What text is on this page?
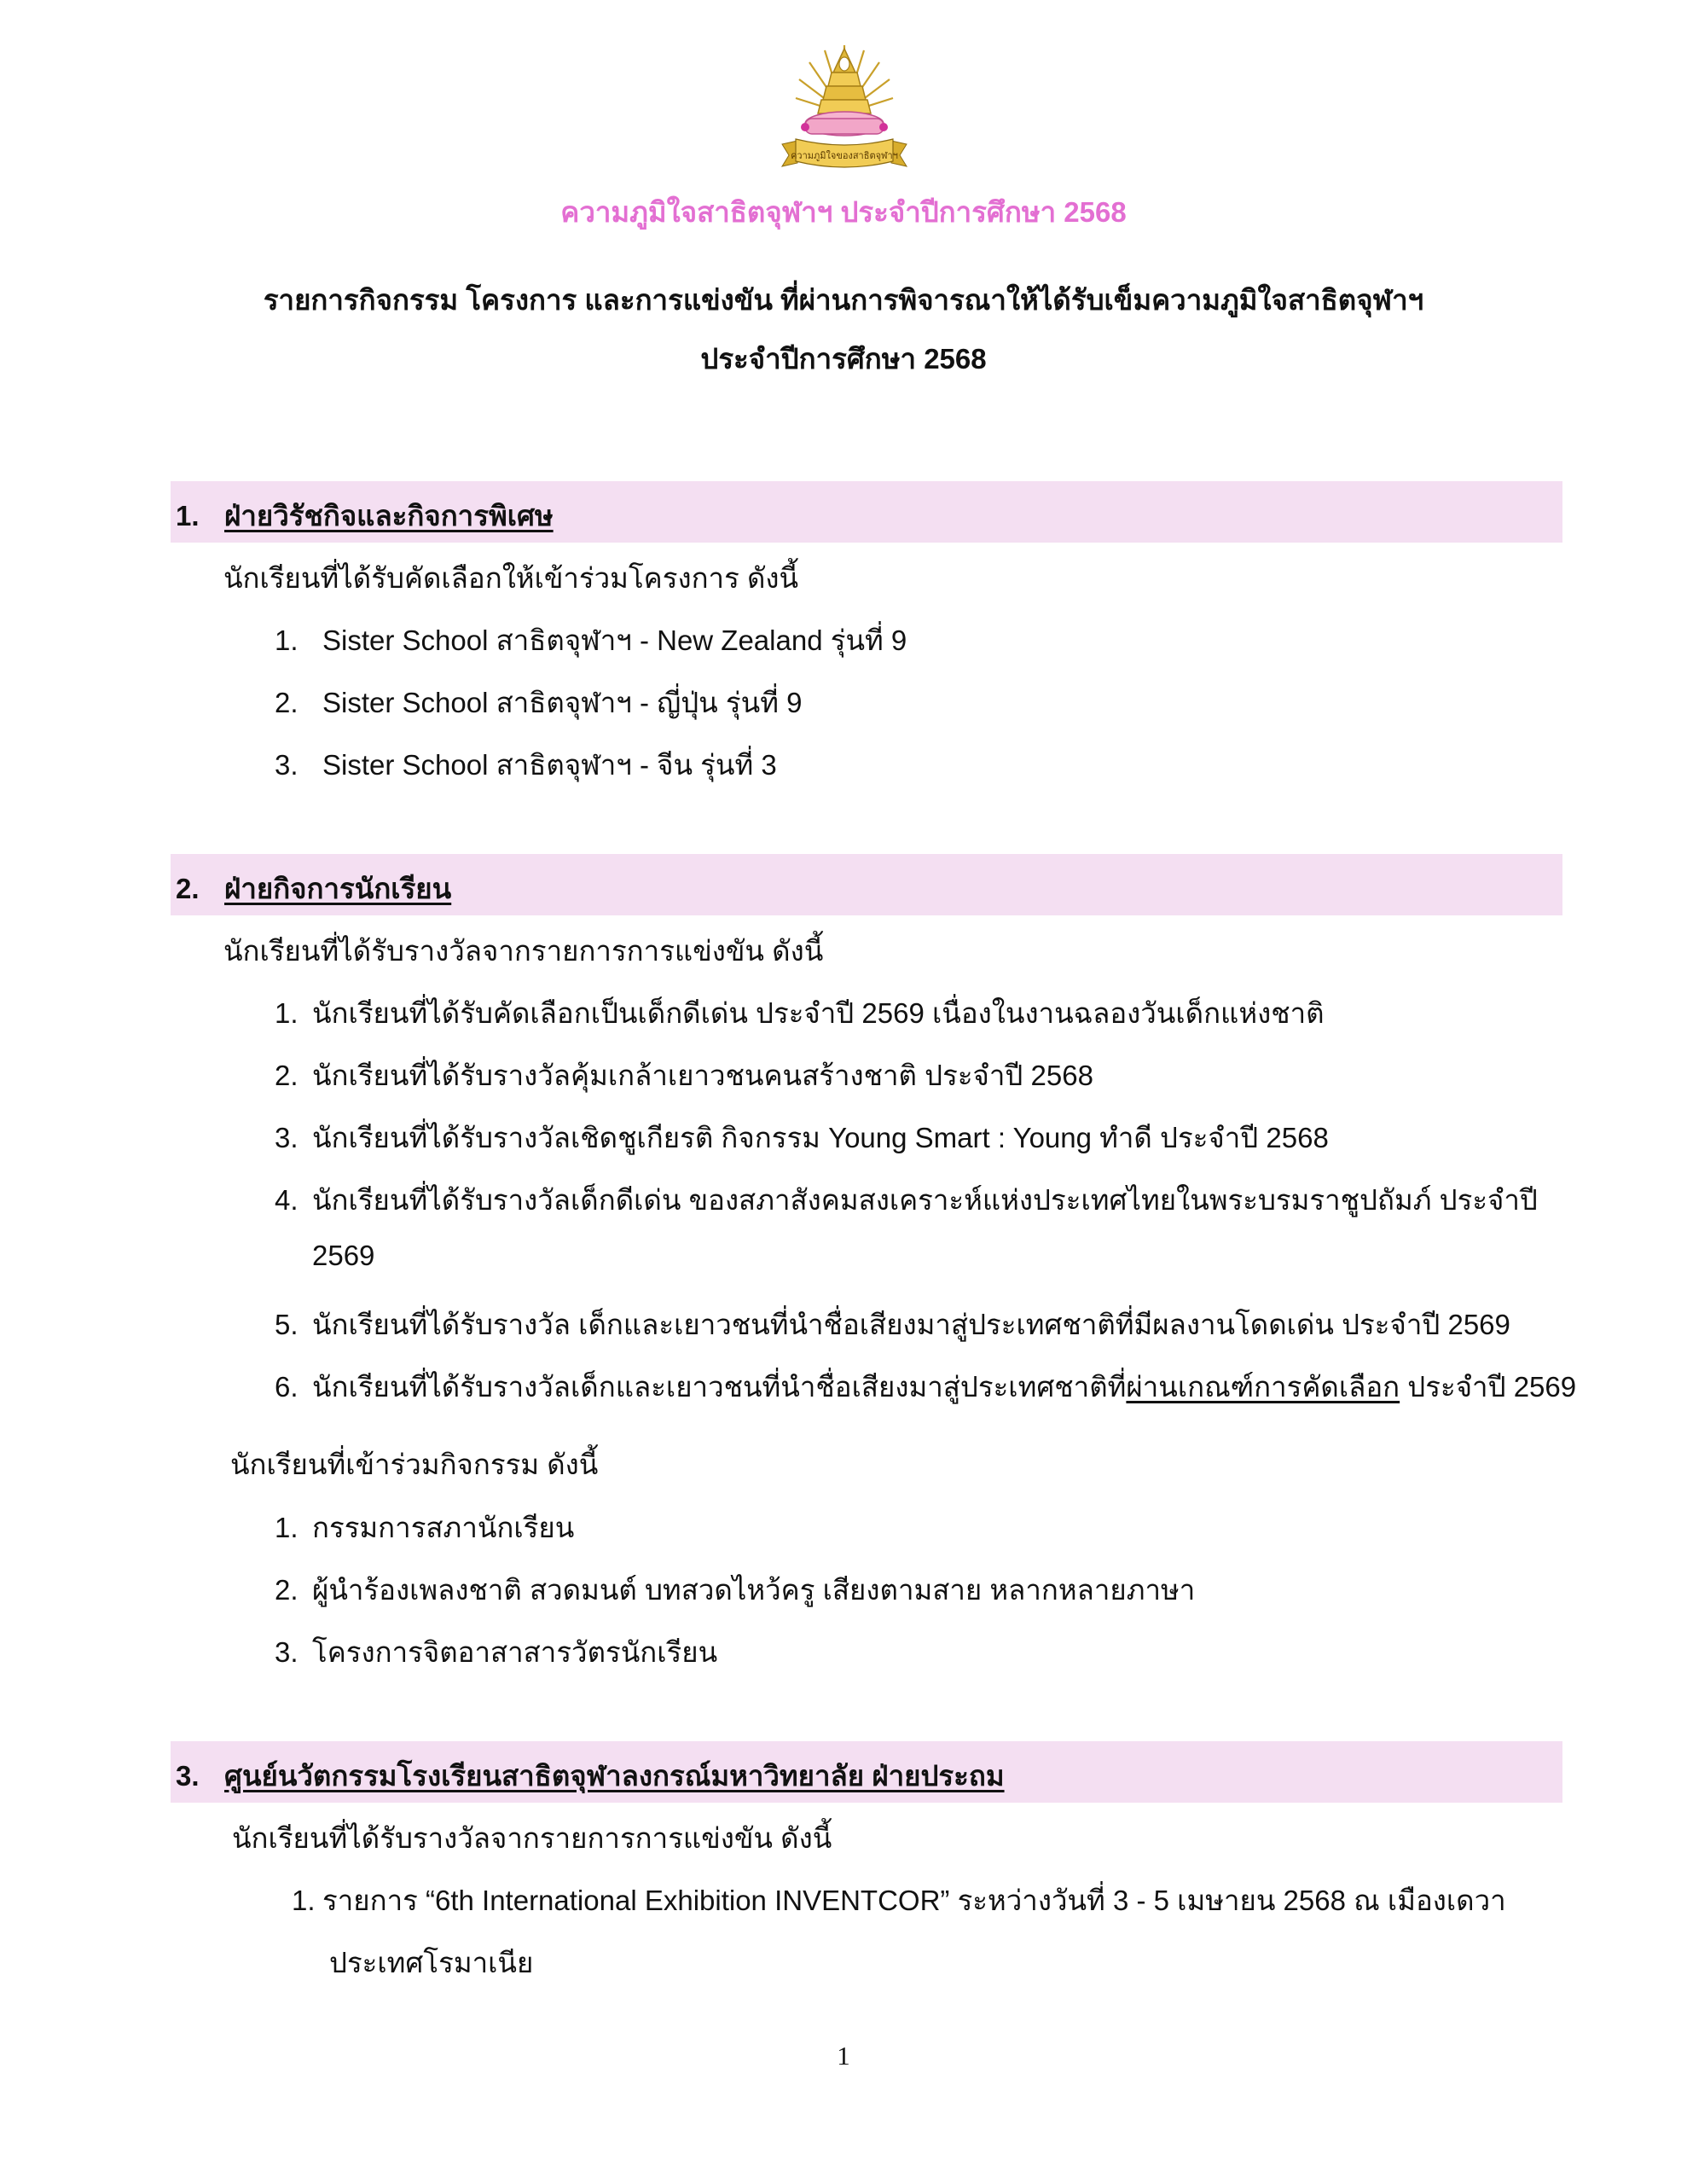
ความภูมิใจของสาธิตจุฬาฯ
ความภูมิใจสาธิตจุฬาฯ ประจำปีการศึกษา 2568
รายการกิจกรรม โครงการ และการแข่งขัน ที่ผ่านการพิจารณาให้ได้รับเข็มความภูมิใจสาธิตจุฬาฯ
ประจำปีการศึกษา 2568
1. ฝ่ายวิรัชกิจและกิจการพิเศษ
นักเรียนที่ได้รับคัดเลือกให้เข้าร่วมโครงการ ดังนี้
1. Sister School สาธิตจุฬาฯ - New Zealand รุ่นที่ 9
2. Sister School สาธิตจุฬาฯ - ญี่ปุ่น รุ่นที่ 9
3. Sister School สาธิตจุฬาฯ - จีน รุ่นที่ 3
2. ฝ่ายกิจการนักเรียน
นักเรียนที่ได้รับรางวัลจากรายการการแข่งขัน ดังนี้
1. นักเรียนที่ได้รับคัดเลือกเป็นเด็กดีเด่น ประจำปี 2569 เนื่องในงานฉลองวันเด็กแห่งชาติ
2. นักเรียนที่ได้รับรางวัลคุ้มเกล้าเยาวชนคนสร้างชาติ ประจำปี 2568
3. นักเรียนที่ได้รับรางวัลเชิดชูเกียรติ กิจกรรม Young Smart : Young ทำดี ประจำปี 2568
4. นักเรียนที่ได้รับรางวัลเด็กดีเด่น ของสภาสังคมสงเคราะห์แห่งประเทศไทยในพระบรมราชูปถัมภ์ ประจำปี
2569
5. นักเรียนที่ได้รับรางวัล เด็กและเยาวชนที่นำชื่อเสียงมาสู่ประเทศชาติที่มีผลงานโดดเด่น ประจำปี 2569
6. นักเรียนที่ได้รับรางวัลเด็กและเยาวชนที่นำชื่อเสียงมาสู่ประเทศชาติที่ผ่านเกณฑ์การคัดเลือก ประจำปี 2569
นักเรียนที่เข้าร่วมกิจกรรม ดังนี้
1. กรรมการสภานักเรียน
2. ผู้นำร้องเพลงชาติ สวดมนต์ บทสวดไหว้ครู เสียงตามสาย หลากหลายภาษา
3. โครงการจิตอาสาสารวัตรนักเรียน
3. ศูนย์นวัตกรรมโรงเรียนสาธิตจุฬาลงกรณ์มหาวิทยาลัย ฝ่ายประถม
นักเรียนที่ได้รับรางวัลจากรายการการแข่งขัน ดังนี้
1. รายการ “6th International Exhibition INVENTCOR” ระหว่างวันที่ 3 - 5 เมษายน 2568 ณ เมืองเดวา
ประเทศโรมาเนีย
1
